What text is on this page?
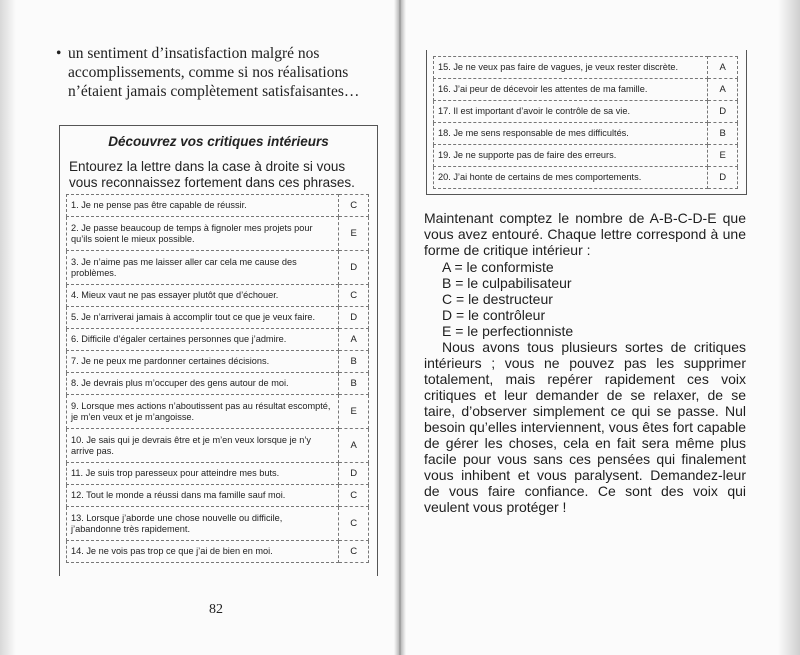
• un sentiment d’insatisfaction malgré nos accomplissements, comme si nos réalisations n’étaient jamais complètement satisfaisantes…
Découvrez vos critiques intérieurs
Entourez la lettre dans la case à droite si vous vous reconnaissez fortement dans ces phrases.
1. Je ne pense pas être capable de réussir.	C
2. Je passe beaucoup de temps à fignoler mes projets pour qu’ils soient le mieux possible.	E
3. Je n’aime pas me laisser aller car cela me cause des problèmes.	D
4. Mieux vaut ne pas essayer plutôt que d’échouer.	C
5. Je n’arriverai jamais à accomplir tout ce que je veux faire.	D
6. Difficile d’égaler certaines personnes que j’admire.	A
7. Je ne peux me pardonner certaines décisions.	B
8. Je devrais plus m’occuper des gens autour de moi.	B
9. Lorsque mes actions n’aboutissent pas au résultat escompté, je m’en veux et je m’angoisse.	E
10. Je sais qui je devrais être et je m’en veux lorsque je n’y arrive pas.	A
11. Je suis trop paresseux pour atteindre mes buts.	D
12. Tout le monde a réussi dans ma famille sauf moi.	C
13. Lorsque j’aborde une chose nouvelle ou difficile, j’abandonne très rapidement.	C
14. Je ne vois pas trop ce que j’ai de bien en moi.	C
15. Je ne veux pas faire de vagues, je veux rester discrète.	A
16. J’ai peur de décevoir les attentes de ma famille.	A
17. Il est important d’avoir le contrôle de sa vie.	D
18. Je me sens responsable de mes difficultés.	B
19. Je ne supporte pas de faire des erreurs.	E
20. J’ai honte de certains de mes comportements.	D
82

Maintenant comptez le nombre de A-B-C-D-E que vous avez entouré. Chaque lettre correspond à une forme de critique intérieur :

A = le conformiste
B = le culpabilisateur
C = le destructeur
D = le contrôleur
E = le perfectionniste

Nous avons tous plusieurs sortes de critiques intérieurs ; vous ne pouvez pas les supprimer totalement, mais repérer rapidement ces voix critiques et leur demander de se relaxer, de se taire, d’observer simplement ce qui se passe. Nul besoin qu’elles interviennent, vous êtes fort capable de gérer les choses, cela en fait sera même plus facile pour vous sans ces pensées qui finalement vous inhibent et vous paralysent. Demandez-leur de vous faire confiance. Ce sont des voix qui veulent vous protéger !
